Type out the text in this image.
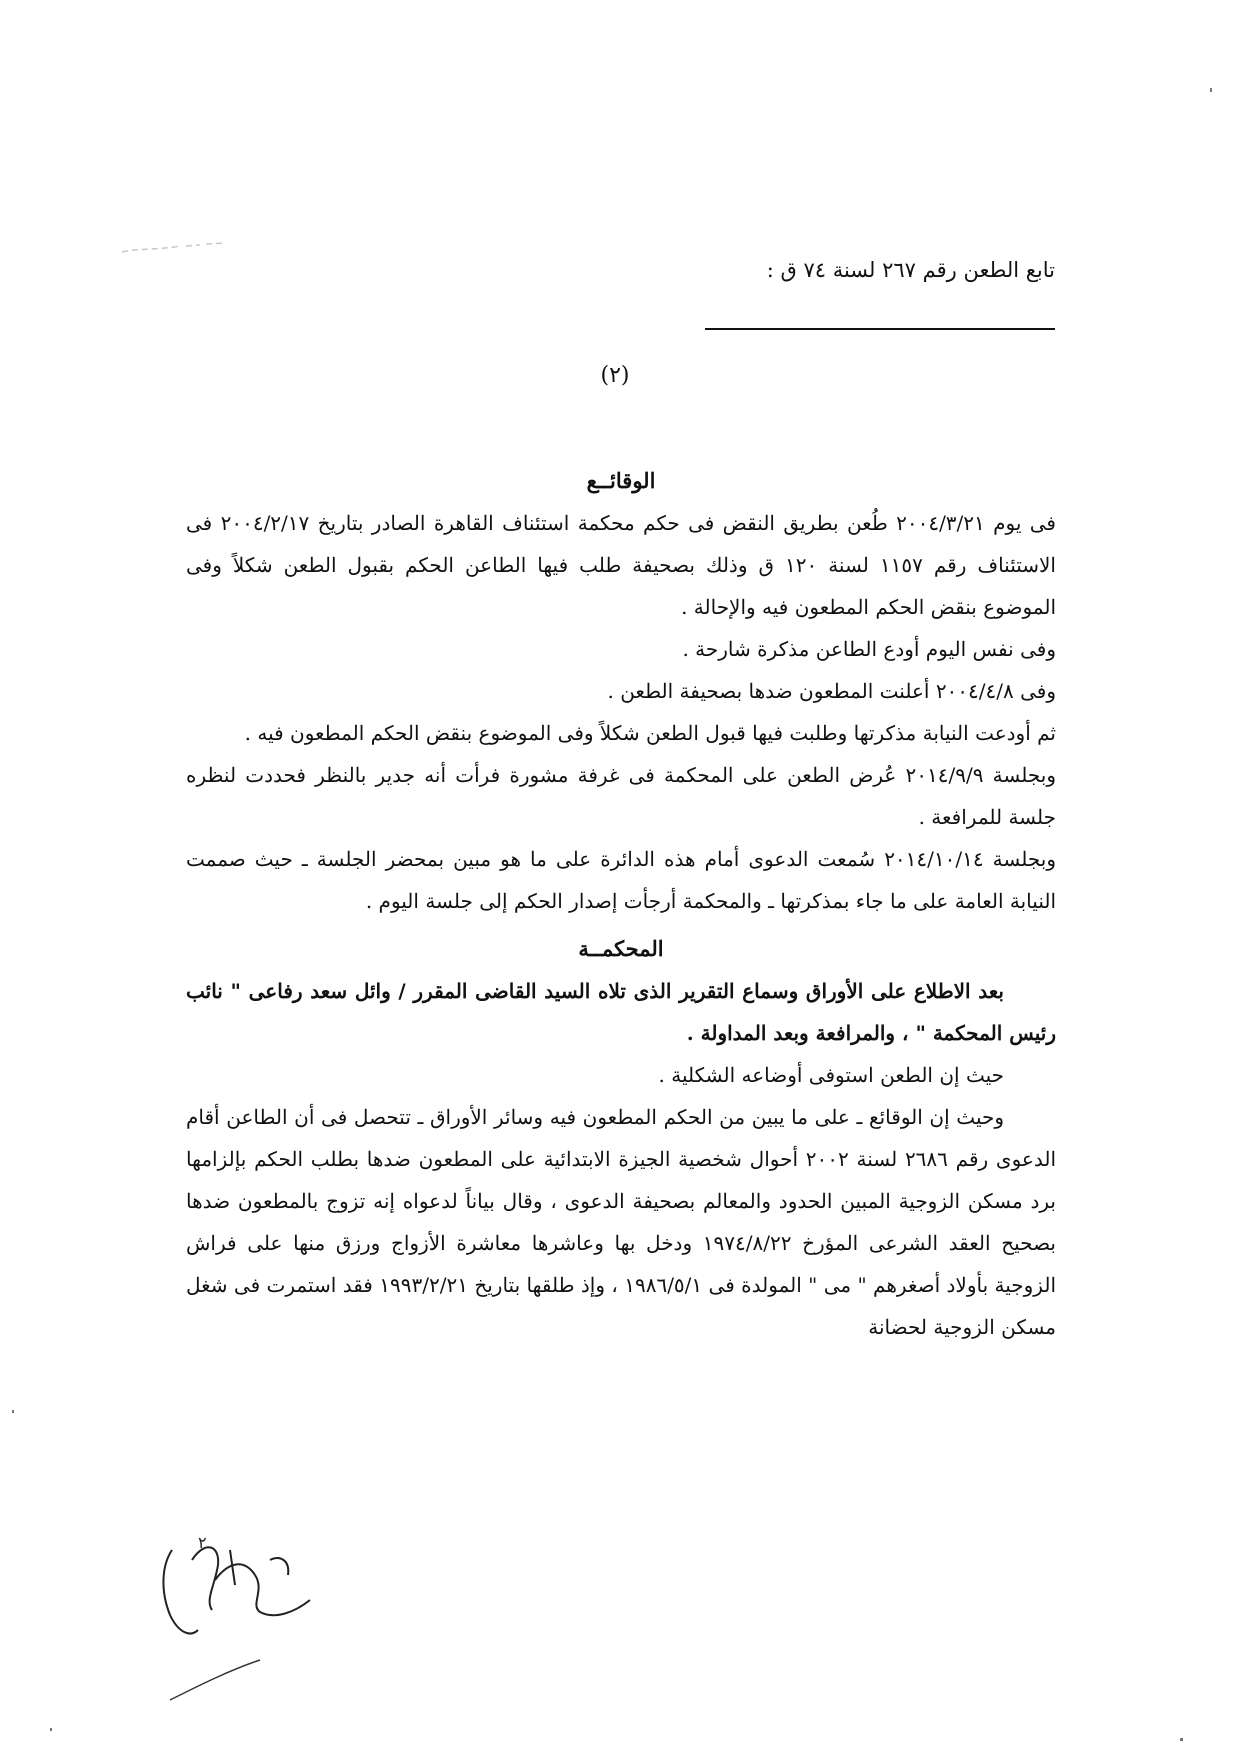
تابع الطعن رقم ٢٦٧ لسنة ٧٤ ق :
(٢)

الوقائــع

فى يوم ٢٠٠٤/٣/٢١ طُعن بطريق النقض فى حكم محكمة استئناف القاهرة الصادر بتاريخ ٢٠٠٤/٢/١٧ فى الاستئناف رقم ١١٥٧ لسنة ١٢٠ ق وذلك بصحيفة طلب فيها الطاعن الحكم بقبول الطعن شكلاً وفى الموضوع بنقض الحكم المطعون فيه والإحالة .

وفى نفس اليوم أودع الطاعن مذكرة شارحة .

وفى ٢٠٠٤/٤/٨ أعلنت المطعون ضدها بصحيفة الطعن .

ثم أودعت النيابة مذكرتها وطلبت فيها قبول الطعن شكلاً وفى الموضوع بنقض الحكم المطعون فيه .

وبجلسة ٢٠١٤/٩/٩ عُرض الطعن على المحكمة فى غرفة مشورة فرأت أنه جدير بالنظر فحددت لنظره جلسة للمرافعة .

وبجلسة ٢٠١٤/١٠/١٤ سُمعت الدعوى أمام هذه الدائرة على ما هو مبين بمحضر الجلسة ـ حيث صممت النيابة العامة على ما جاء بمذكرتها ـ والمحكمة أرجأت إصدار الحكم إلى جلسة اليوم .

المحكمــة

بعد الاطلاع على الأوراق وسماع التقرير الذى تلاه السيد القاضى المقرر / وائل سعد رفاعى " نائب رئيس المحكمة " ، والمرافعة وبعد المداولة .

حيث إن الطعن استوفى أوضاعه الشكلية .

وحيث إن الوقائع ـ على ما يبين من الحكم المطعون فيه وسائر الأوراق ـ تتحصل فى أن الطاعن أقام الدعوى رقم ٢٦٨٦ لسنة ٢٠٠٢ أحوال شخصية الجيزة الابتدائية على المطعون ضدها بطلب الحكم بإلزامها برد مسكن الزوجية المبين الحدود والمعالم بصحيفة الدعوى ، وقال بياناً لدعواه إنه تزوج بالمطعون ضدها بصحيح العقد الشرعى المؤرخ ١٩٧٤/٨/٢٢ ودخل بها وعاشرها معاشرة الأزواج ورزق منها على فراش الزوجية بأولاد أصغرهم " مى " المولدة فى ١٩٨٦/٥/١ ، وإذ طلقها بتاريخ ١٩٩٣/٢/٢١ فقد استمرت فى شغل مسكن الزوجية لحضانة

٢
